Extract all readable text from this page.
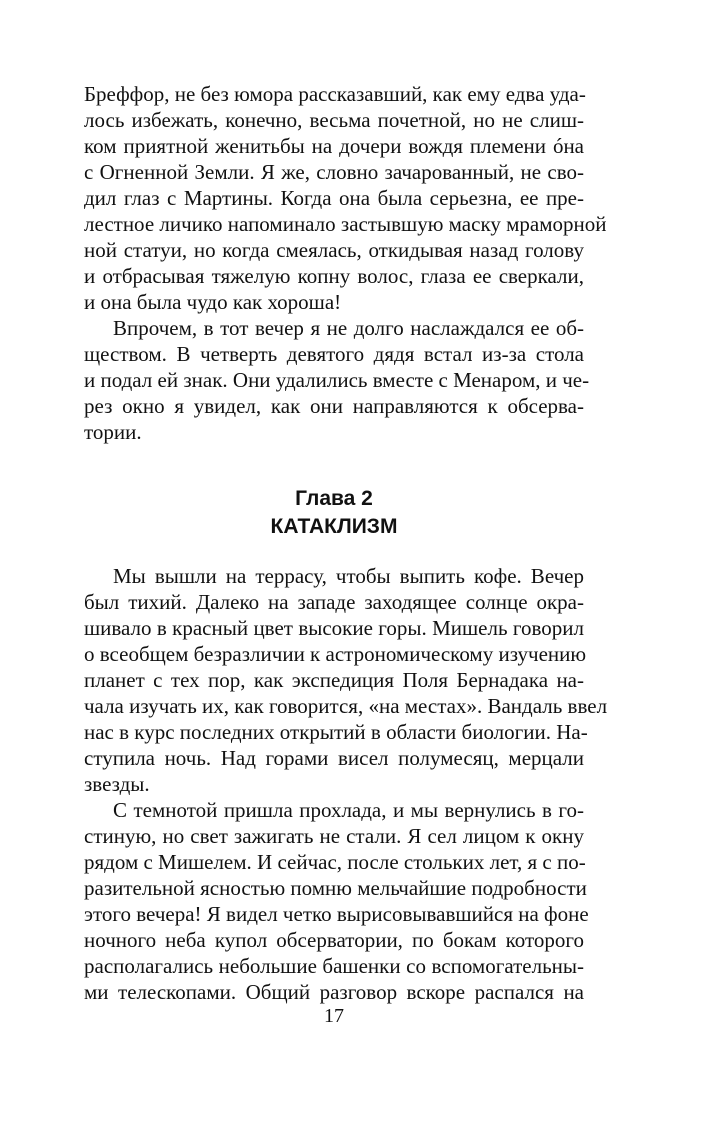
Бреффор, не без юмора рассказавший, как ему едва уда-
лось избежать, конечно, весьма почетной, но не слиш-
ком приятной женитьбы на дочери вождя племени óна
с Огненной Земли. Я же, словно зачарованный, не сво-
дил глаз с Мартины. Когда она была серьезна, ее пре-
лестное личико напоминало застывшую маску мраморной
ной статуи, но когда смеялась, откидывая назад голову
и отбрасывая тяжелую копну волос, глаза ее сверкали,
и она была чудо как хороша!
Впрочем, в тот вечер я не долго наслаждался ее об-
ществом. В четверть девятого дядя встал из-за стола
и подал ей знак. Они удалились вместе с Менаром, и че-
рез окно я увидел, как они направляются к обсерва-
тории.
Глава 2
КАТАКЛИЗМ
Мы вышли на террасу, чтобы выпить кофе. Вечер
был тихий. Далеко на западе заходящее солнце окра-
шивало в красный цвет высокие горы. Мишель говорил
о всеобщем безразличии к астрономическому изучению
планет с тех пор, как экспедиция Поля Бернадака на-
чала изучать их, как говорится, «на местах». Вандаль ввел
нас в курс последних открытий в области биологии. На-
ступила ночь. Над горами висел полумесяц, мерцали
звезды.
С темнотой пришла прохлада, и мы вернулись в го-
стиную, но свет зажигать не стали. Я сел лицом к окну
рядом с Мишелем. И сейчас, после стольких лет, я с по-
разительной ясностью помню мельчайшие подробности
этого вечера! Я видел четко вырисовывавшийся на фоне
ночного неба купол обсерватории, по бокам которого
располагались небольшие башенки со вспомогательны-
ми телескопами. Общий разговор вскоре распался на
17
